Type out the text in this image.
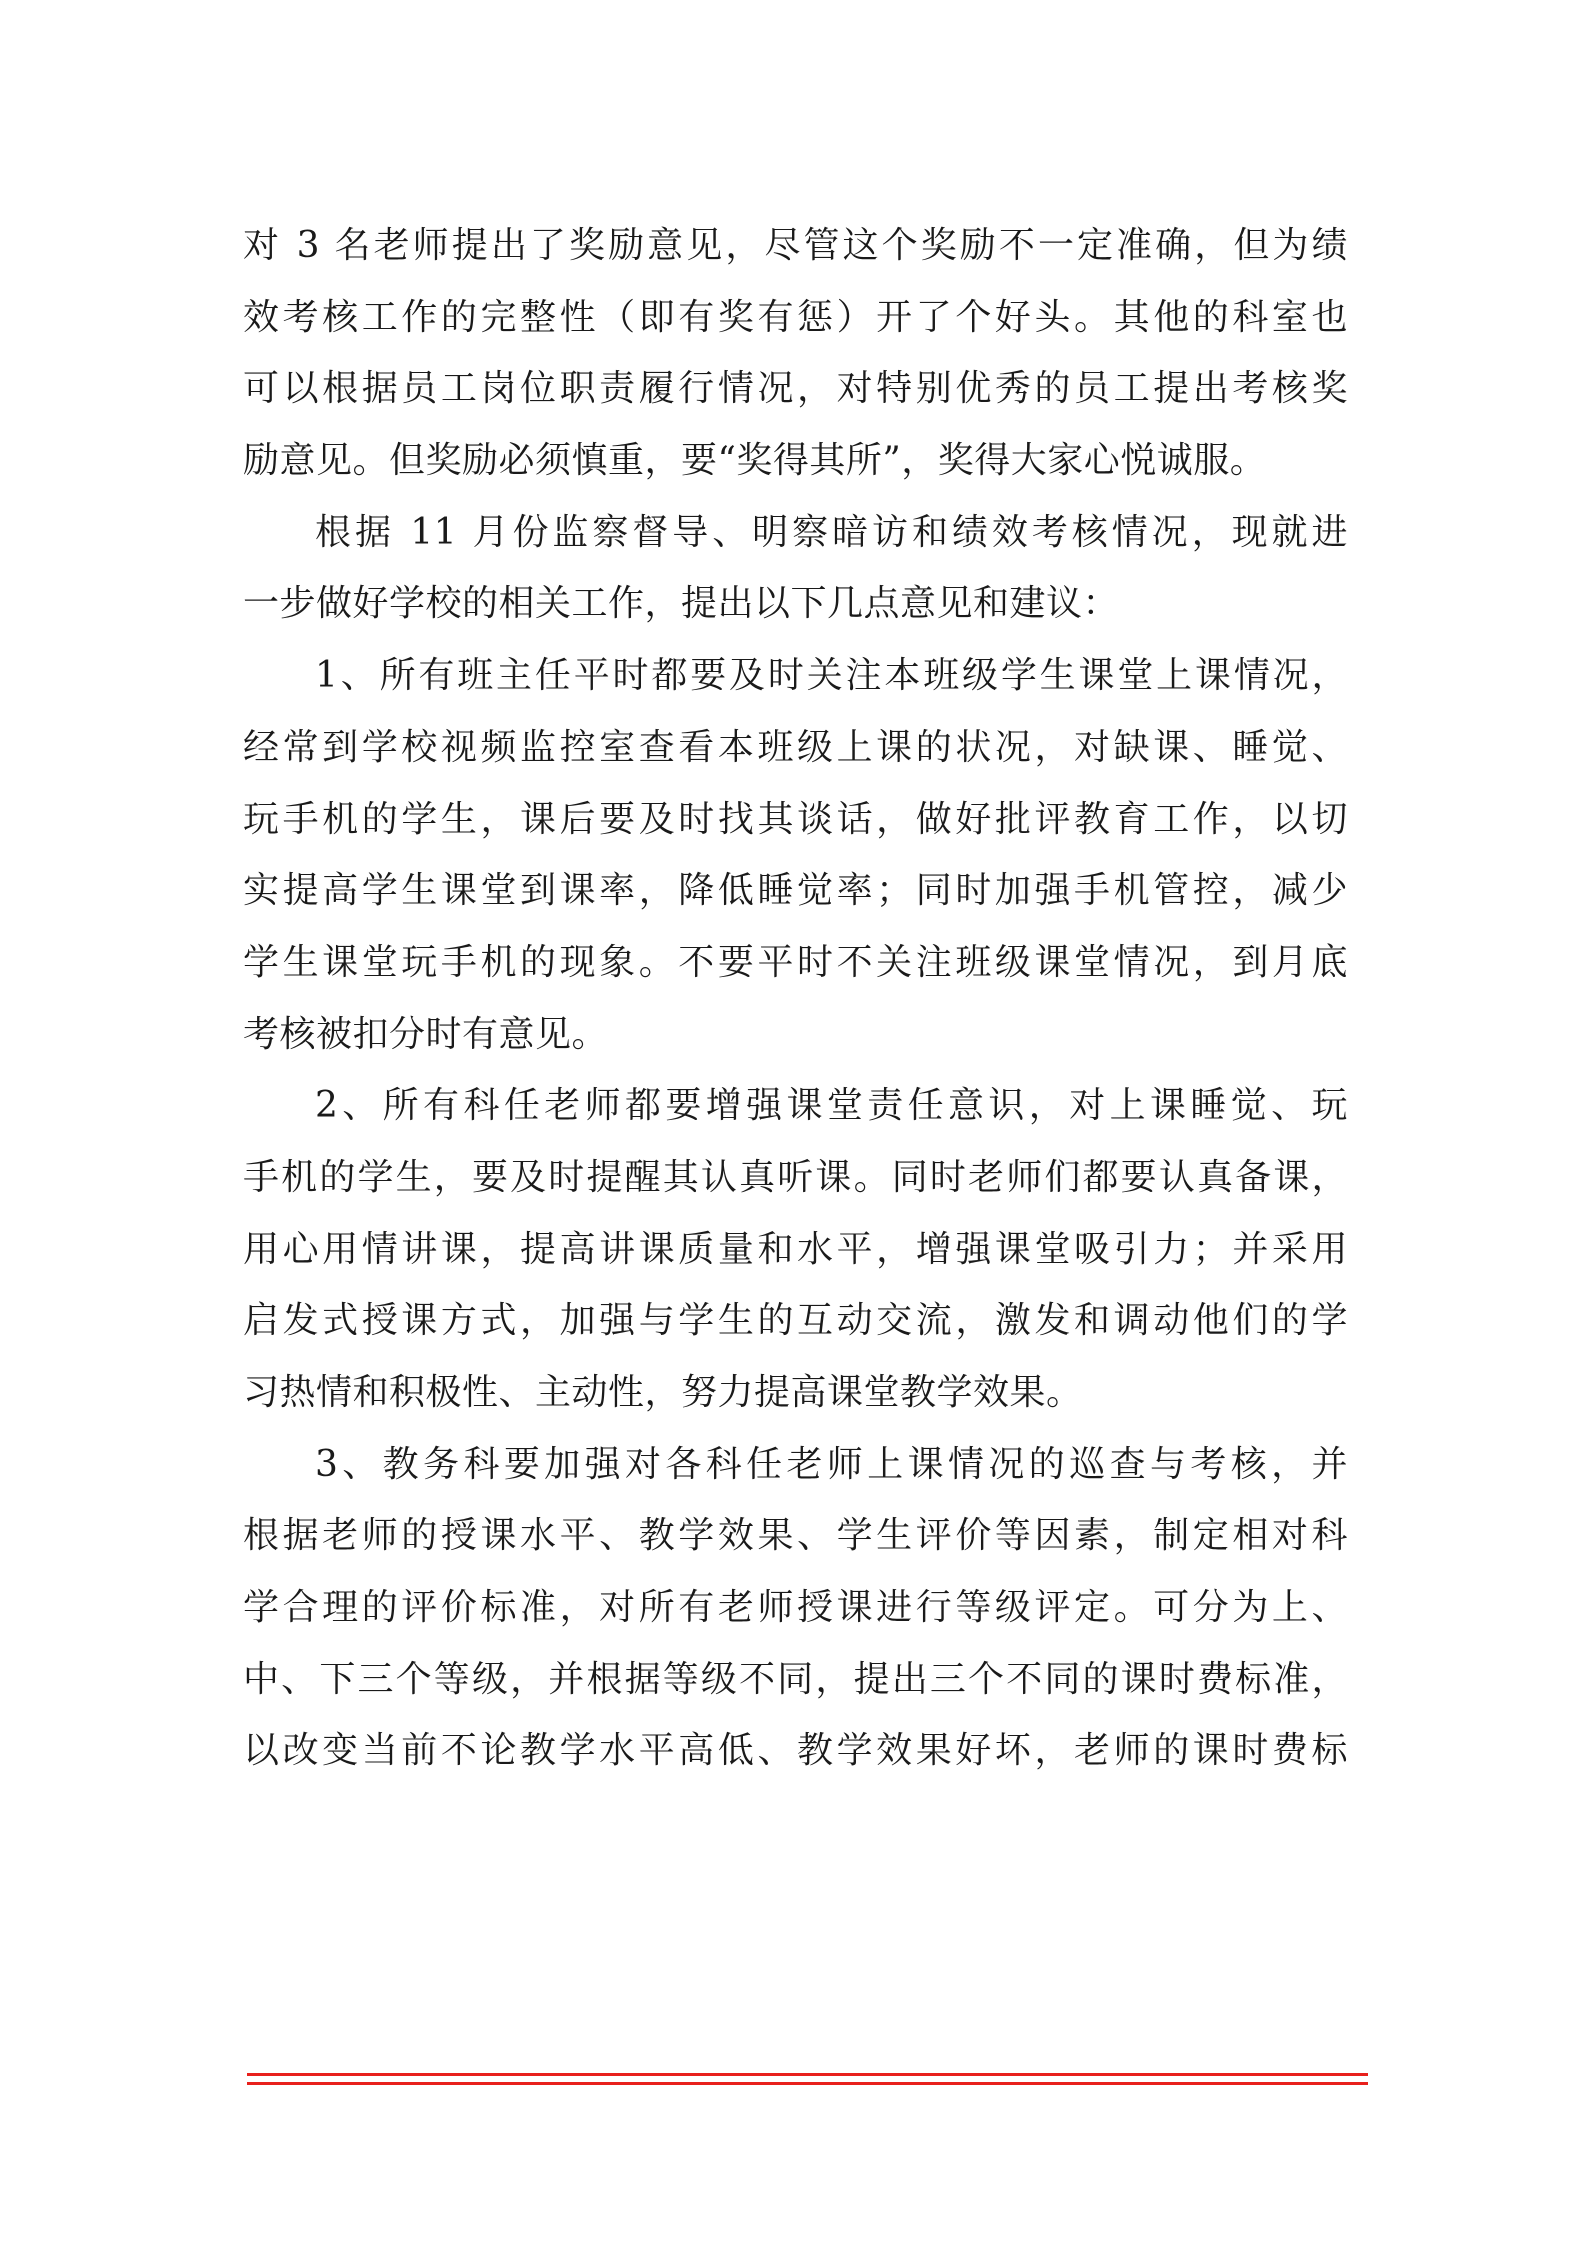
对 3 名老师提出了奖励意见，尽管这个奖励不一定准确，但为绩
效考核工作的完整性（即有奖有惩）开了个好头。其他的科室也
可以根据员工岗位职责履行情况，对特别优秀的员工提出考核奖
励意见。但奖励必须慎重，要“奖得其所”，奖得大家心悦诚服。
根据 11 月份监察督导、明察暗访和绩效考核情况，现就进
一步做好学校的相关工作，提出以下几点意见和建议：
1、所有班主任平时都要及时关注本班级学生课堂上课情况，
经常到学校视频监控室查看本班级上课的状况，对缺课、睡觉、
玩手机的学生，课后要及时找其谈话，做好批评教育工作，以切
实提高学生课堂到课率，降低睡觉率；同时加强手机管控，减少
学生课堂玩手机的现象。不要平时不关注班级课堂情况，到月底
考核被扣分时有意见。
2、所有科任老师都要增强课堂责任意识，对上课睡觉、玩
手机的学生，要及时提醒其认真听课。同时老师们都要认真备课，
用心用情讲课，提高讲课质量和水平，增强课堂吸引力；并采用
启发式授课方式，加强与学生的互动交流，激发和调动他们的学
习热情和积极性、主动性，努力提高课堂教学效果。
3、教务科要加强对各科任老师上课情况的巡查与考核，并
根据老师的授课水平、教学效果、学生评价等因素，制定相对科
学合理的评价标准，对所有老师授课进行等级评定。可分为上、
中、下三个等级，并根据等级不同，提出三个不同的课时费标准，
以改变当前不论教学水平高低、教学效果好坏，老师的课时费标
